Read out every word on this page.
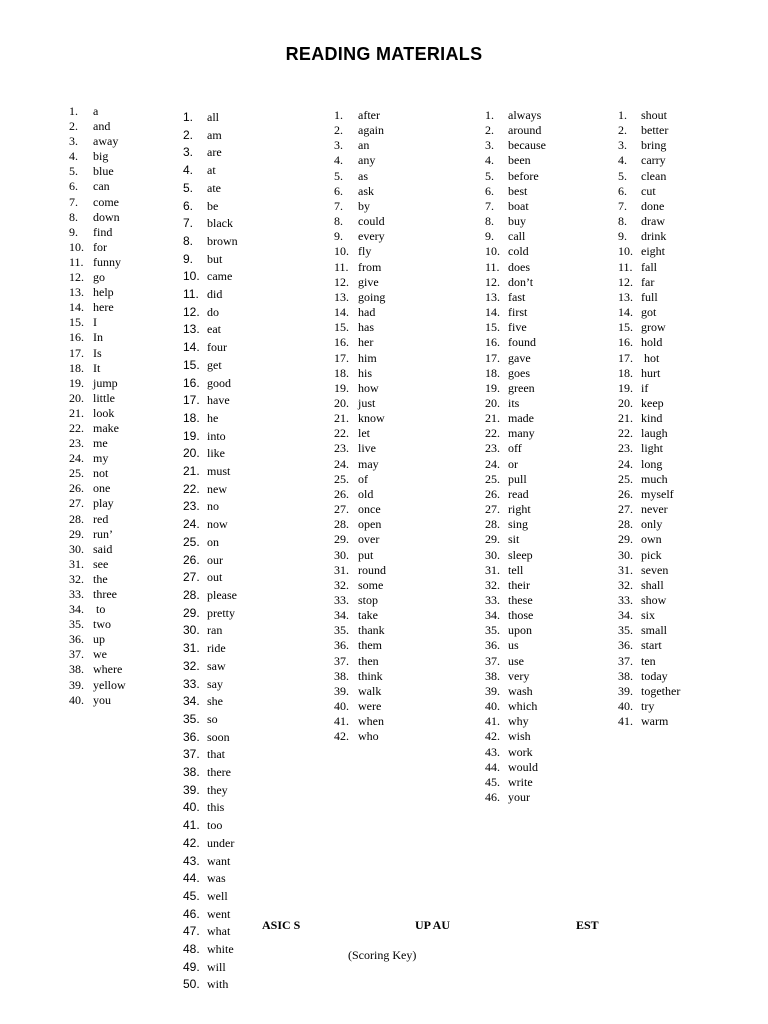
READING MATERIALS
1.	a
2.	and
3.	away
4.	big
5.	blue
6.	can
7.	come
8.	down
9.	find
10. for
11. funny
12. go
13. help
14. here
15. I
16. In
17. Is
18. It
19. jump
20. little
21. look
22. make
23. me
24. my
25. not
26. one
27. play
28. red
29. run’
30. said
31. see
32. the
33. three
34. to
35. two
36. up
37. we
38. where
39. yellow
40. you
1.	all
2.	am
3.	are
4.	at
5.	ate
6.	be
7.	black
8.	brown
9.	but
10. came
11. did
12. do
13. eat
14. four
15. get
16. good
17. have
18. he
19. into
20. like
21. must
22. new
23. no
24. now
25. on
26. our
27. out
28. please
29. pretty
30. ran
31. ride
32. saw
33. say
34. she
35. so
36. soon
37. that
38. there
39. they
40. this
41. too
42. under
43. want
44. was
45. well
46. went
47. what
48. white
49. will
50. with
1.	after
2.	again
3.	an
4.	any
5.	as
6.	ask
7.	by
8.	could
9.	every
10. fly
11. from
12. give
13. going
14. had
15. has
16. her
17. him
18. his
19. how
20. just
21. know
22. let
23. live
24. may
25. of
26. old
27. once
28. open
29. over
30. put
31. round
32. some
33. stop
34. take
35. thank
36. them
37. then
38. think
39. walk
40. were
41. when
42. who
1.	always
2.	around
3.	because
4.	been
5.	before
6.	best
7.	boat
8.	buy
9.	call
10. cold
11. does
12. don’t
13. fast
14. first
15. five
16. found
17. gave
18. goes
19. green
20. its
21. made
22. many
23. off
24. or
25. pull
26. read
27. right
28. sing
29. sit
30. sleep
31. tell
32. their
33. these
34. those
35. upon
36. us
37. use
38. very
39. wash
40. which
41. why
42. wish
43. work
44. would
45. write
46. your
1.	shout
2.	better
3.	bring
4.	carry
5.	clean
6.	cut
7.	done
8.	draw
9.	drink
10. eight
11. fall
12. far
13. full
14. got
15. grow
16. hold
17. hot
18. hurt
19. if
20. keep
21. kind
22. laugh
23. light
24. long
25. much
26. myself
27. never
28. only
29. own
30. pick
31. seven
32. shall
33. show
34. six
35. small
36. start
37. ten
38. today
39. together
40. try
41. warm
ASIC S	UP AU	EST
(Scoring Key)
